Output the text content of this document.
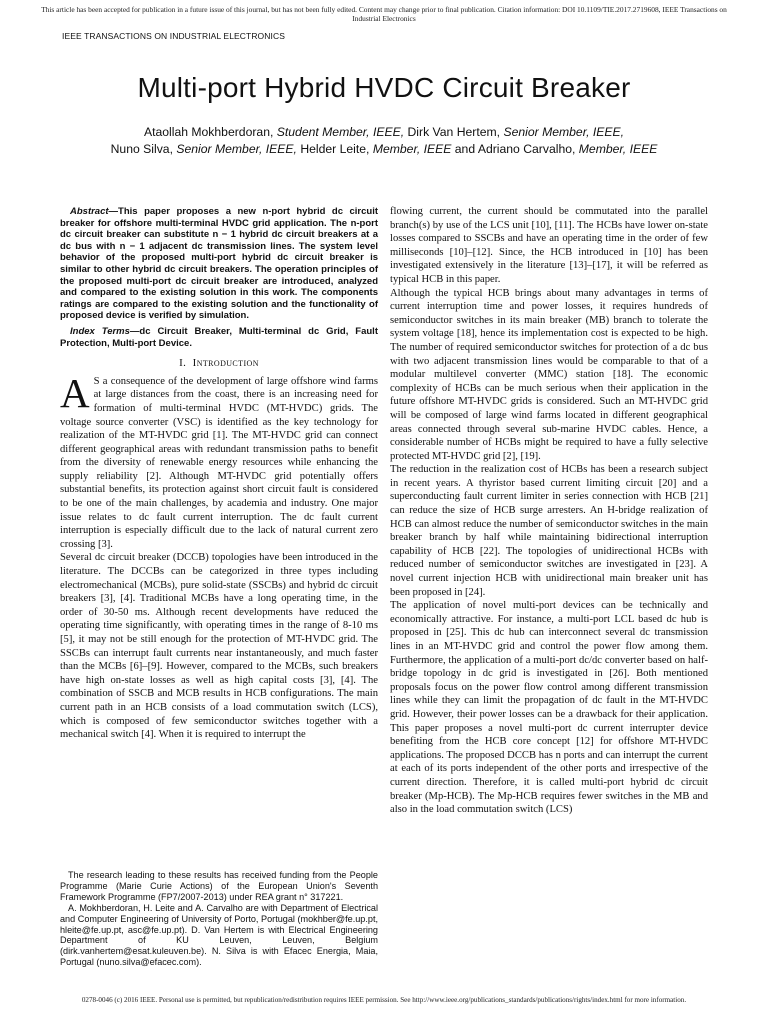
This article has been accepted for publication in a future issue of this journal, but has not been fully edited. Content may change prior to final publication. Citation information: DOI 10.1109/TIE.2017.2719608, IEEE Transactions on Industrial Electronics
IEEE TRANSACTIONS ON INDUSTRIAL ELECTRONICS
Multi-port Hybrid HVDC Circuit Breaker
Ataollah Mokhberdoran, Student Member, IEEE, Dirk Van Hertem, Senior Member, IEEE,
Nuno Silva, Senior Member, IEEE, Helder Leite, Member, IEEE and Adriano Carvalho, Member, IEEE

Abstract—This paper proposes a new n-port hybrid dc circuit breaker for offshore multi-terminal HVDC grid application. The n-port dc circuit breaker can substitute n − 1 hybrid dc circuit breakers at a dc bus with n − 1 adjacent dc transmission lines. The system level behavior of the proposed multi-port hybrid dc circuit breaker is similar to other hybrid dc circuit breakers. The operation principles of the proposed multi-port dc circuit breaker are introduced, analyzed and compared to the existing solution in this work. The components ratings are compared to the existing solution and the functionality of proposed device is verified by simulation.

Index Terms—dc Circuit Breaker, Multi-terminal dc Grid, Fault Protection, Multi-port Device.

I. Introduction

A S a consequence of the development of large offshore wind farms at large distances from the coast, there is an increasing need for formation of multi-terminal HVDC (MT-HVDC) grids. The voltage source converter (VSC) is identified as the key technology for realization of the MT-HVDC grid [1]. The MT-HVDC grid can connect different geographical areas with redundant transmission paths to benefit from the diversity of renewable energy resources while enhancing the supply reliability [2]. Although MT-HVDC grid potentially offers substantial benefits, its protection against short circuit fault is considered to be one of the main challenges, by academia and industry. One major issue relates to dc fault current interruption. The dc fault current interruption is especially difficult due to the lack of natural current zero crossing [3].

Several dc circuit breaker (DCCB) topologies have been introduced in the literature. The DCCBs can be categorized in three types including electromechanical (MCBs), pure solid-state (SSCBs) and hybrid dc circuit breakers [3], [4]. Traditional MCBs have a long operating time, in the order of 30-50 ms. Although recent developments have reduced the operating time significantly, with operating times in the range of 8-10 ms [5], it may not be still enough for the protection of MT-HVDC grid. The SSCBs can interrupt fault currents near instantaneously, and much faster than the MCBs [6]–[9]. However, compared to the MCBs, such breakers have high on-state losses as well as high capital costs [3], [4]. The combination of SSCB and MCB results in HCB configurations. The main current path in an HCB consists of a load commutation switch (LCS), which is composed of few semiconductor switches together with a mechanical switch [4]. When it is required to interrupt the

The research leading to these results has received funding from the People Programme (Marie Curie Actions) of the European Union's Seventh Framework Programme (FP7/2007-2013) under REA grant n° 317221.

A. Mokhberdoran, H. Leite and A. Carvalho are with Department of Electrical and Computer Engineering of University of Porto, Portugal (mokhber@fe.up.pt, hleite@fe.up.pt, asc@fe.up.pt). D. Van Hertem is with Electrical Engineering Department of KU Leuven, Leuven, Belgium (dirk.vanhertem@esat.kuleuven.be). N. Silva is with Efacec Energia, Maia, Portugal (nuno.silva@efacec.com).

flowing current, the current should be commutated into the parallel branch(s) by use of the LCS unit [10], [11]. The HCBs have lower on-state losses compared to SSCBs and have an operating time in the order of few milliseconds [10]–[12]. Since, the HCB introduced in [10] has been investigated extensively in the literature [13]–[17], it will be referred as typical HCB in this paper.

Although the typical HCB brings about many advantages in terms of current interruption time and power losses, it requires hundreds of semiconductor switches in its main breaker (MB) branch to tolerate the system voltage [18], hence its implementation cost is expected to be high. The number of required semiconductor switches for protection of a dc bus with two adjacent transmission lines would be comparable to that of a modular multilevel converter (MMC) station [18]. The economic complexity of HCBs can be much serious when their application in the future offshore MT-HVDC grids is considered. Such an MT-HVDC grid will be composed of large wind farms located in different geographical areas connected through several sub-marine HVDC cables. Hence, a considerable number of HCBs might be required to have a fully selective protected MT-HVDC grid [2], [19].

The reduction in the realization cost of HCBs has been a research subject in recent years. A thyristor based current limiting circuit [20] and a superconducting fault current limiter in series connection with HCB [21] can reduce the size of HCB surge arresters. An H-bridge realization of HCB can almost reduce the number of semiconductor switches in the main breaker branch by half while maintaining bidirectional interruption capability of HCB [22]. The topologies of unidirectional HCBs with reduced number of semiconductor switches are investigated in [23]. A novel current injection HCB with unidirectional main breaker unit has been proposed in [24].

The application of novel multi-port devices can be technically and economically attractive. For instance, a multi-port LCL based dc hub is proposed in [25]. This dc hub can interconnect several dc transmission lines in an MT-HVDC grid and control the power flow among them. Furthermore, the application of a multi-port dc/dc converter based on half-bridge topology in dc grid is investigated in [26]. Both mentioned proposals focus on the power flow control among different transmission lines while they can limit the propagation of dc fault in the MT-HVDC grid. However, their power losses can be a drawback for their application. This paper proposes a novel multi-port dc current interrupter device benefiting from the HCB core concept [12] for offshore MT-HVDC applications. The proposed DCCB has n ports and can interrupt the current at each of its ports independent of the other ports and irrespective of the current direction. Therefore, it is called multi-port hybrid dc circuit breaker (Mp-HCB). The Mp-HCB requires fewer switches in the MB and also in the load commutation switch (LCS)

0278-0046 (c) 2016 IEEE. Personal use is permitted, but republication/redistribution requires IEEE permission. See http://www.ieee.org/publications_standards/publications/rights/index.html for more information.
